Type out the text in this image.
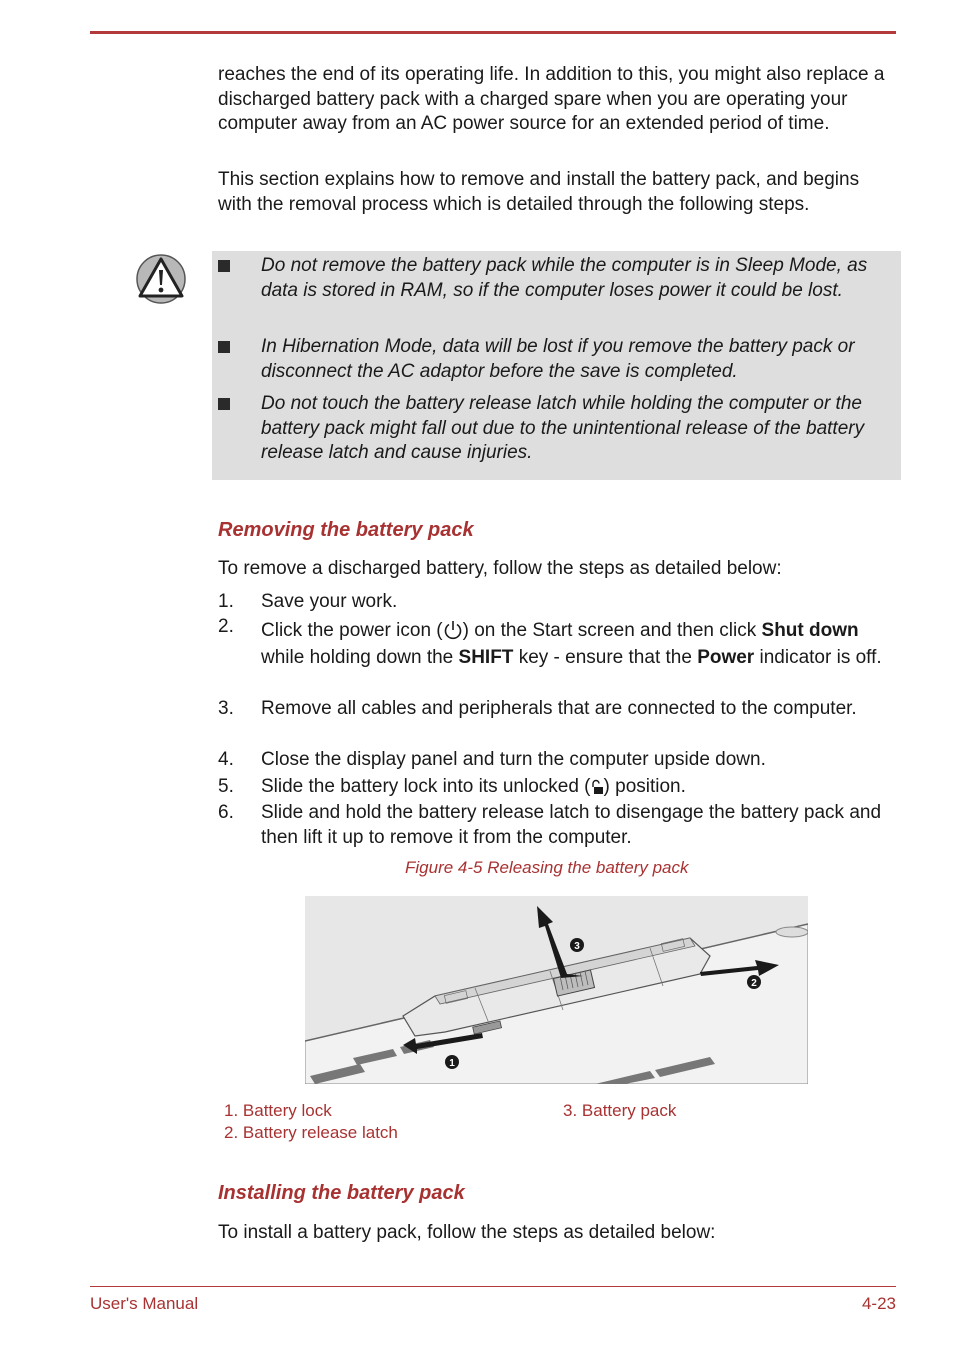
reaches the end of its operating life. In addition to this, you might also replace a discharged battery pack with a charged spare when you are operating your computer away from an AC power source for an extended period of time.

This section explains how to remove and install the battery pack, and begins with the removal process which is detailed through the following steps.

Do not remove the battery pack while the computer is in Sleep Mode, as data is stored in RAM, so if the computer loses power it could be lost.

In Hibernation Mode, data will be lost if you remove the battery pack or disconnect the AC adaptor before the save is completed.

Do not touch the battery release latch while holding the computer or the battery pack might fall out due to the unintentional release of the battery release latch and cause injuries.

Removing the battery pack

To remove a discharged battery, follow the steps as detailed below:

1. Save your work.

2. Click the power icon ( ) on the Start screen and then click Shut down while holding down the SHIFT key - ensure that the Power indicator is off.

3. Remove all cables and peripherals that are connected to the computer.

4. Close the display panel and turn the computer upside down.

5. Slide the battery lock into its unlocked ( ) position.

6. Slide and hold the battery release latch to disengage the battery pack and then lift it up to remove it from the computer.

Figure 4-5 Releasing the battery pack
1
2
3
1. Battery lock
2. Battery release latch
3. Battery pack
Installing the battery pack

To install a battery pack, follow the steps as detailed below:

User's Manual	4-23
